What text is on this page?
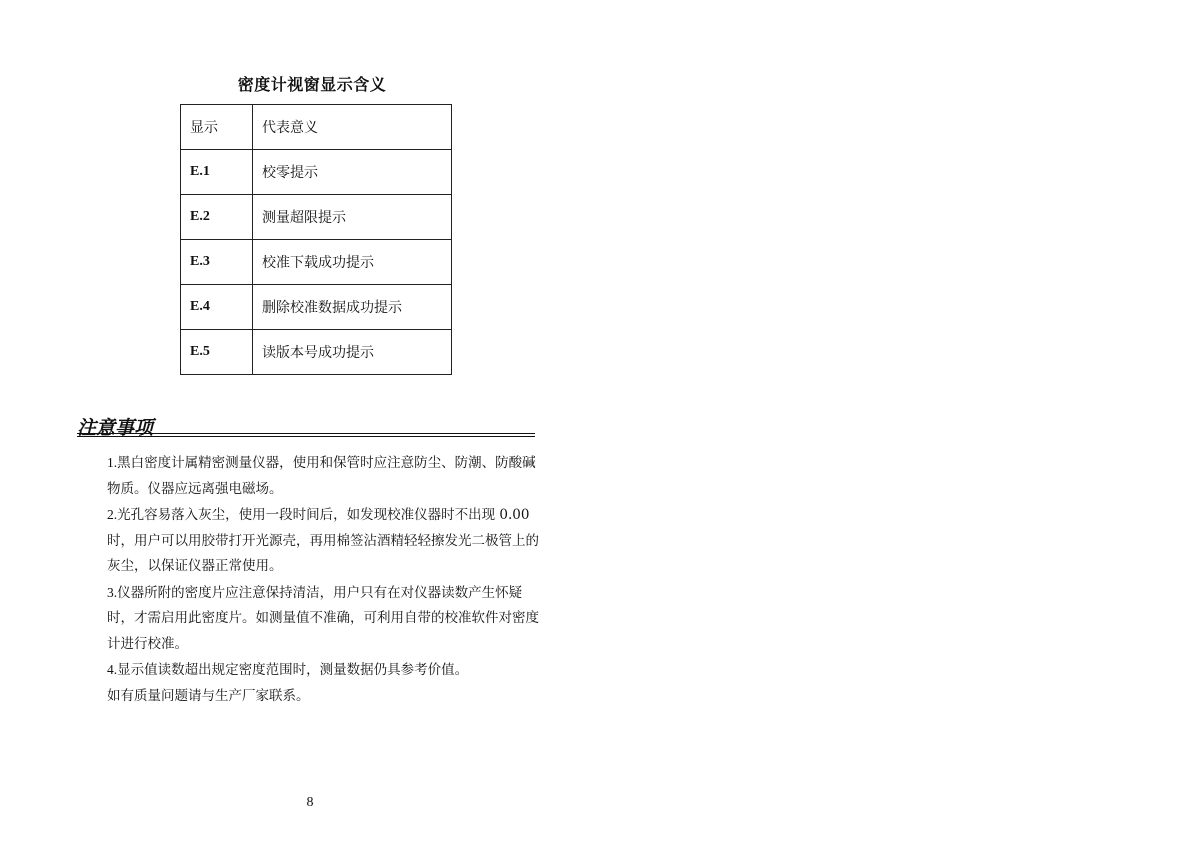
密度计视窗显示含义
显示	代表意义
E.1	校零提示
E.2	测量超限提示
E.3	校准下载成功提示
E.4	删除校准数据成功提示
E.5	读版本号成功提示
注意事项

1.黑白密度计属精密测量仪器，使用和保管时应注意防尘、防潮、防酸碱物质。仪器应远离强电磁场。

2.光孔容易落入灰尘，使用一段时间后，如发现校准仪器时不出现 0.00 时，用户可以用胶带打开光源壳，再用棉签沾酒精轻轻擦发光二极管上的灰尘，以保证仪器正常使用。

3.仪器所附的密度片应注意保持清洁，用户只有在对仪器读数产生怀疑时，才需启用此密度片。如测量值不准确，可利用自带的校准软件对密度计进行校准。

4.显示值读数超出规定密度范围时，测量数据仍具参考价值。

如有质量问题请与生产厂家联系。

8
